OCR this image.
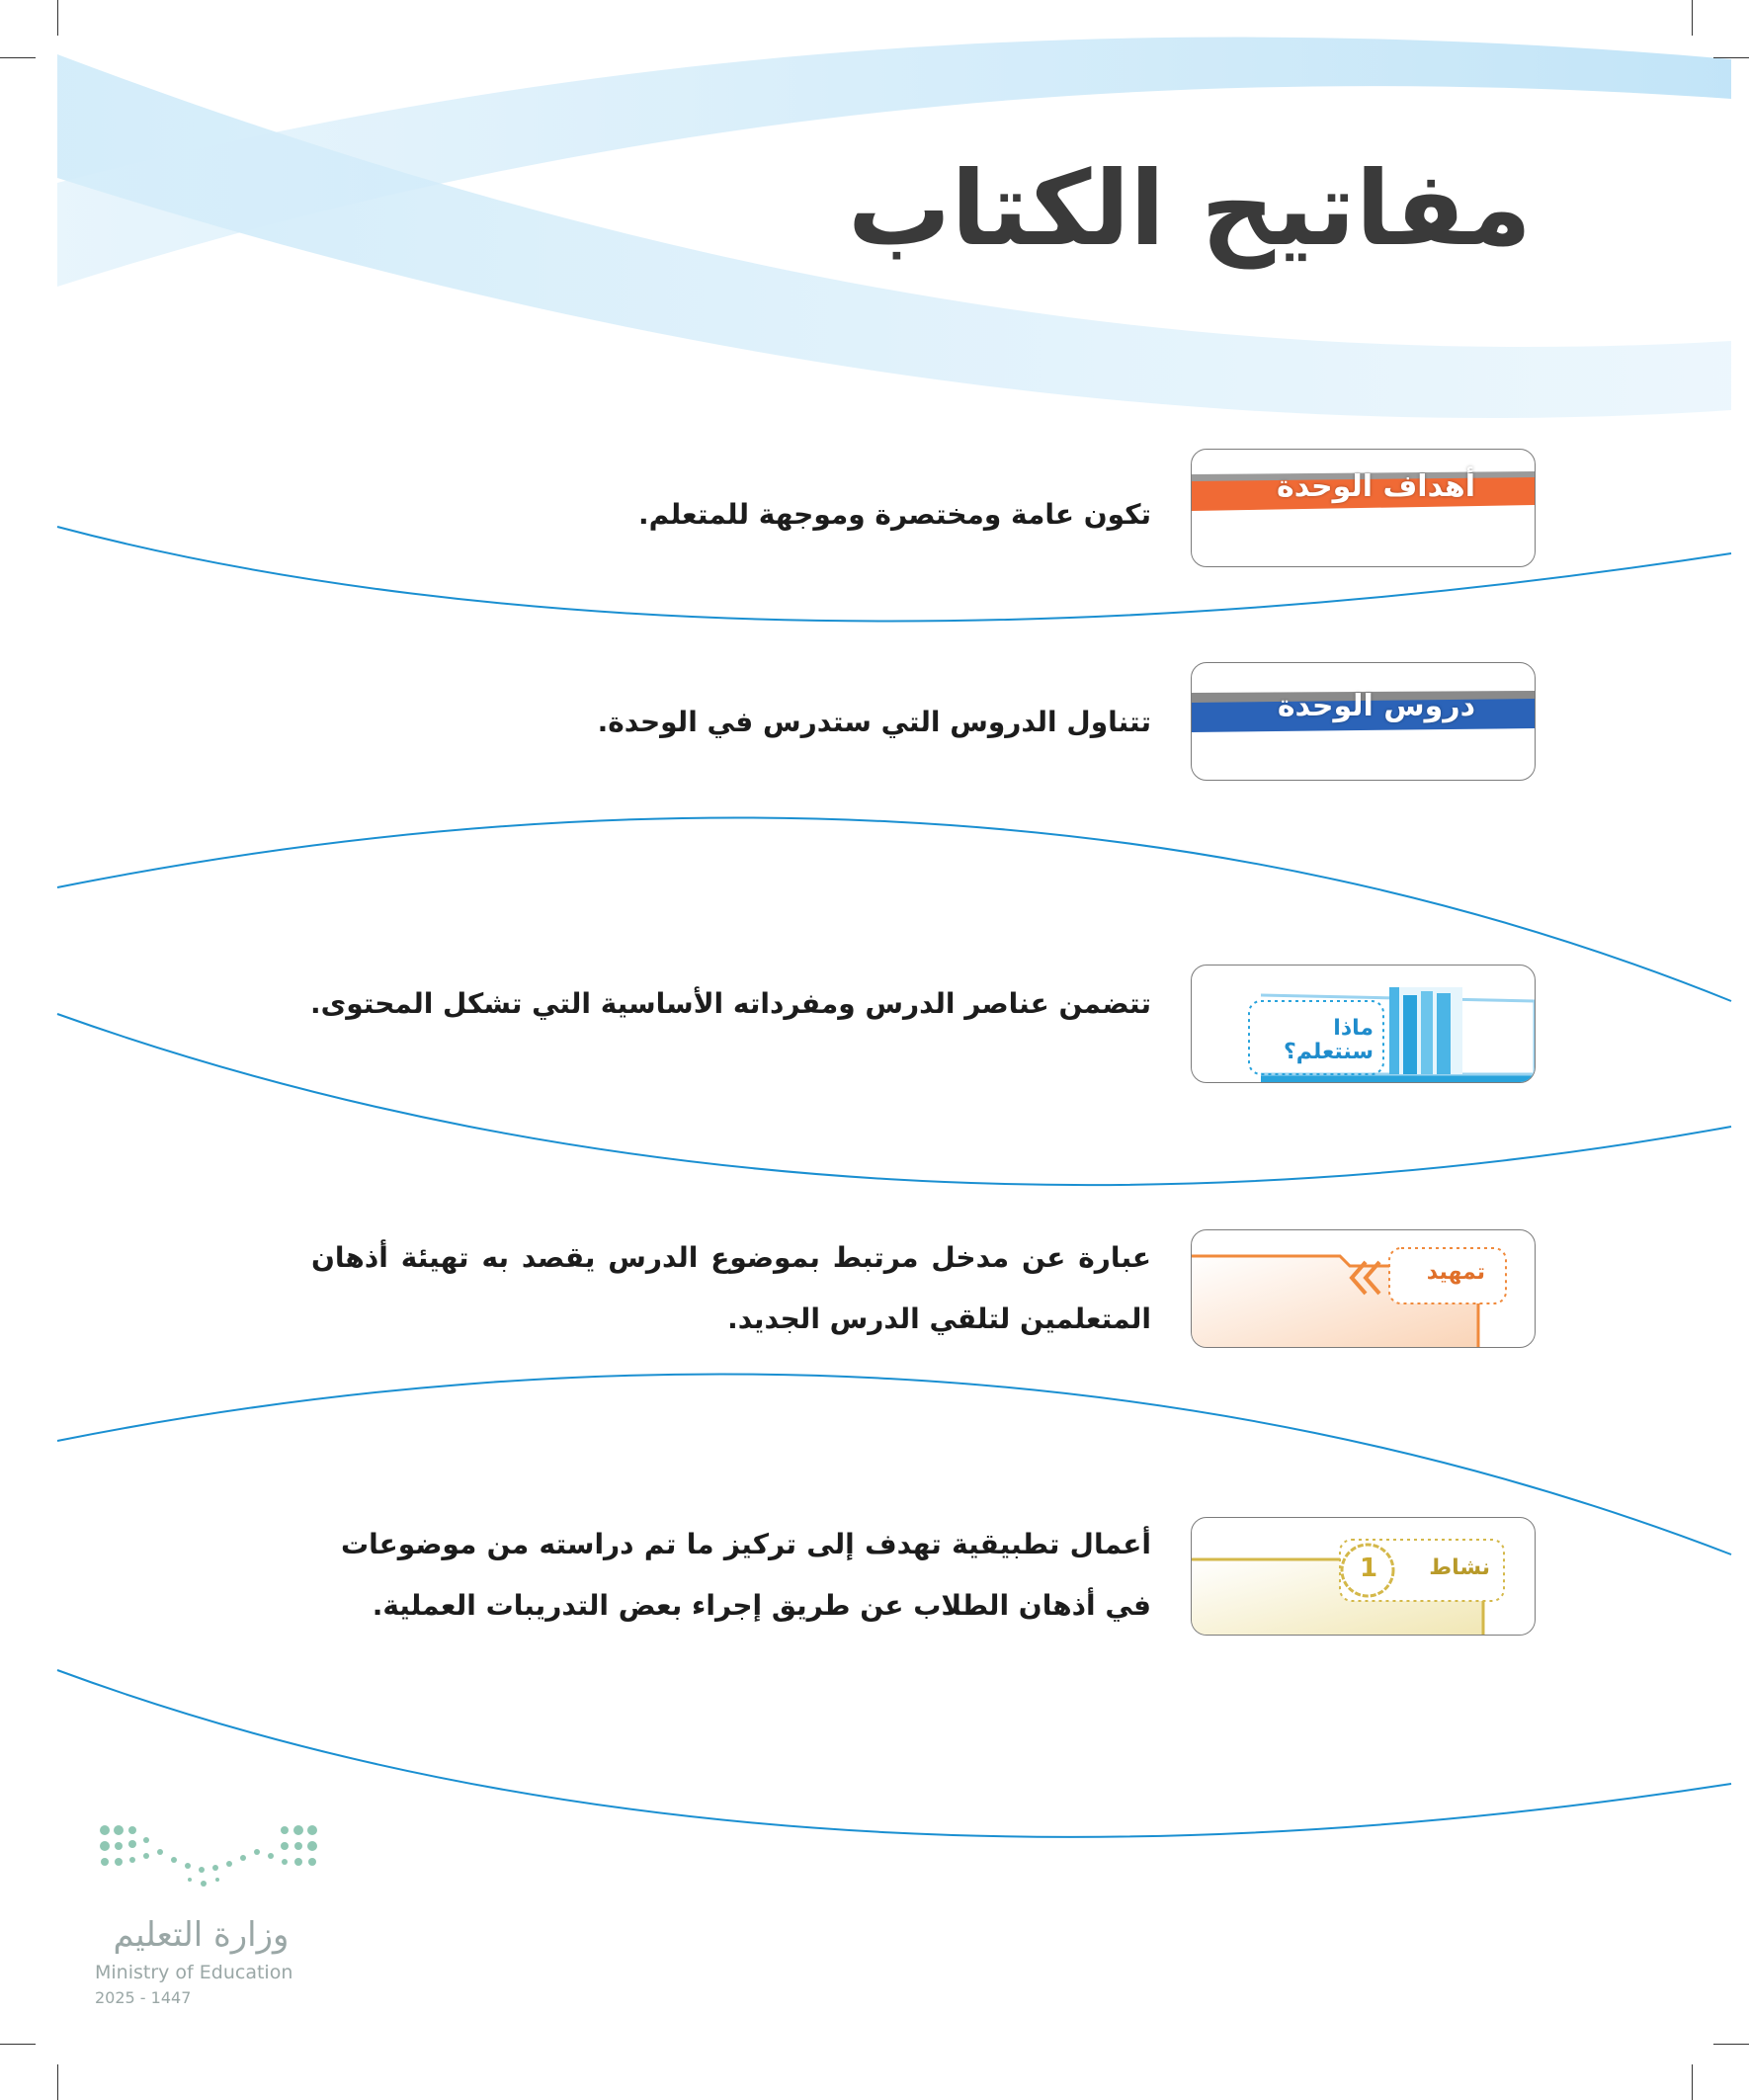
مفاتيح الكتاب
أهداف الوحدة
تكون عامة ومختصرة وموجهة للمتعلم.
دروس الوحدة
تتناول الدروس التي ستدرس في الوحدة.
ماذا
سنتعلم؟
تتضمن عناصر الدرس ومفرداته الأساسية التي تشكل المحتوى.
تمهيد
عبارة عن مدخل مرتبط بموضوع الدرس يقصد به تهيئة أذهان المتعلمين لتلقي الدرس الجديد.
1 نشاط
أعمال تطبيقية تهدف إلى تركيز ما تم دراسته من موضوعات في أذهان الطلاب عن طريق إجراء بعض التدريبات العملية.
وزارة التعليم
Ministry of Education
2025 - 1447
